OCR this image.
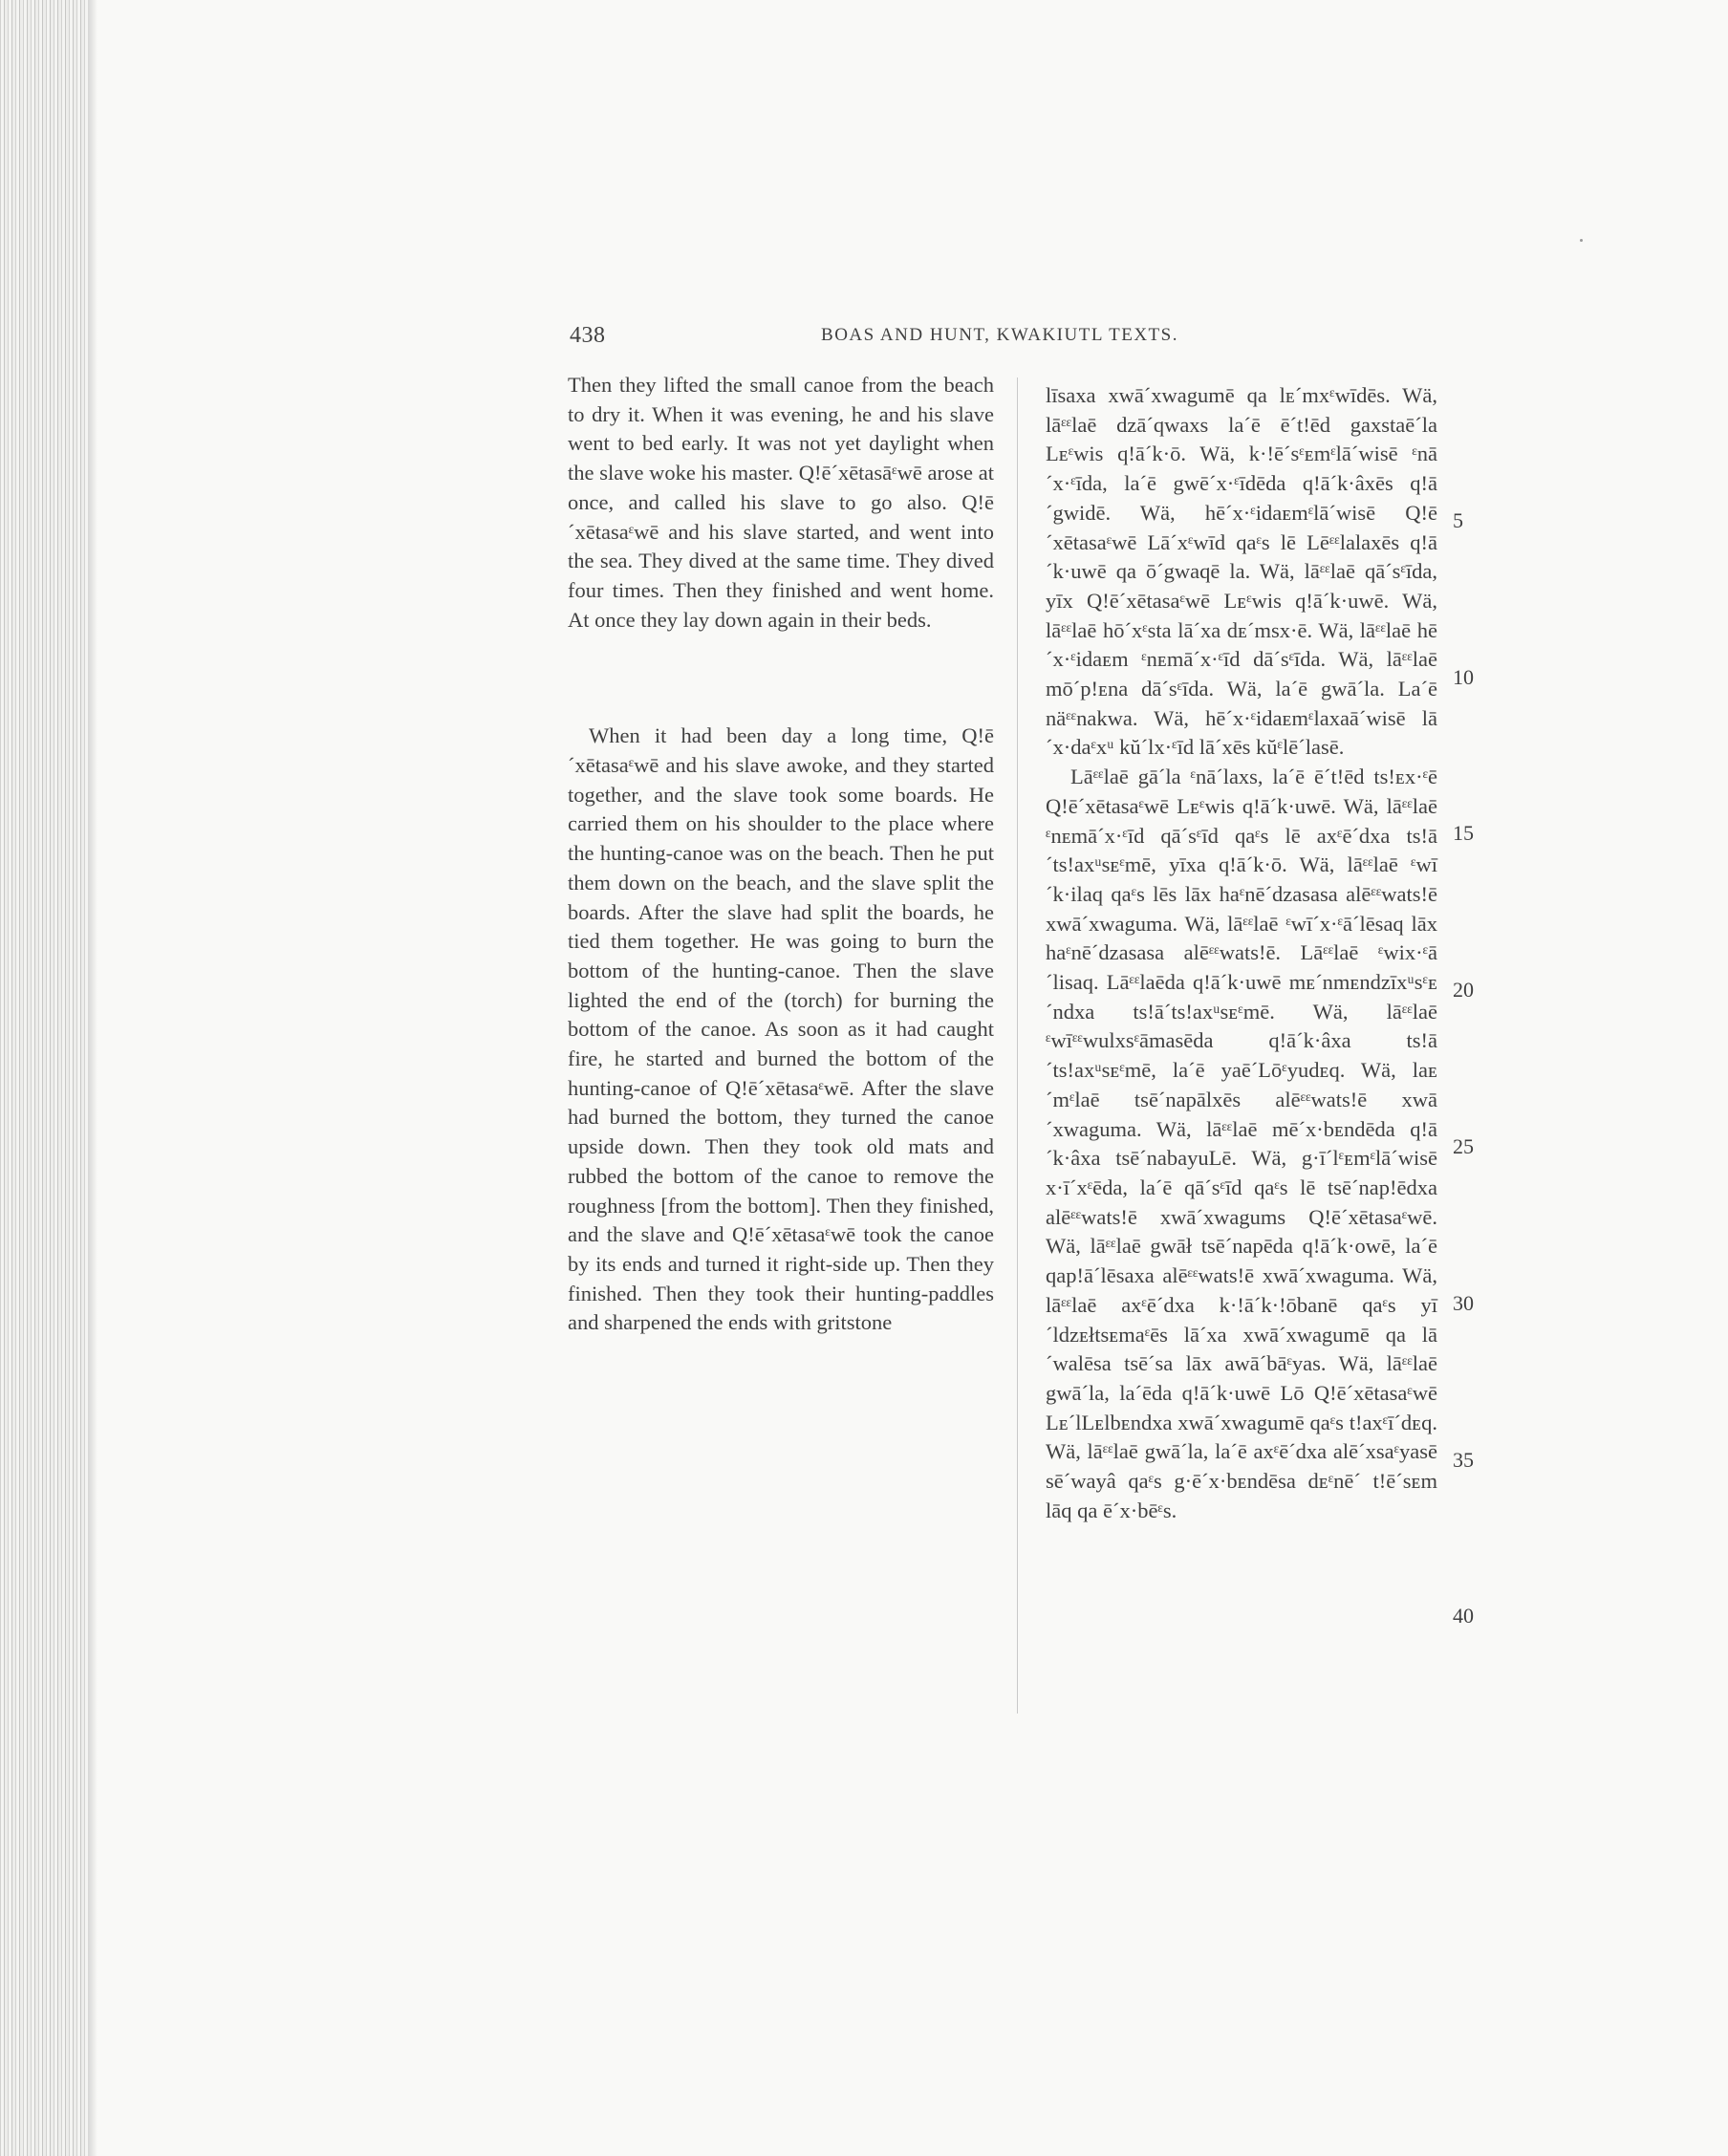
438	BOAS AND HUNT, KWAKIUTL TEXTS.

Then they lifted the small canoe from the beach to dry it. When it was evening, he and his slave went to bed early. It was not yet daylight when the slave woke his master. Q!ē´xētasāᵋwē arose at once, and called his slave to go also. Q!ē´xētasaᵋwē and his slave started, and went into the sea. They dived at the same time. They dived four times. Then they finished and went home. At once they lay down again in their beds.

When it had been day a long time, Q!ē´xētasaᵋwē and his slave awoke, and they started together, and the slave took some boards. He carried them on his shoulder to the place where the hunting-canoe was on the beach. Then he put them down on the beach, and the slave split the boards. After the slave had split the boards, he tied them together. He was going to burn the bottom of the hunting-canoe. Then the slave lighted the end of the (torch) for burning the bottom of the canoe. As soon as it had caught fire, he started and burned the bottom of the hunting-canoe of Q!ē´xētasaᵋwē. After the slave had burned the bottom, they turned the canoe upside down. Then they took old mats and rubbed the bottom of the canoe to remove the roughness [from the bottom]. Then they finished, and the slave and Q!ē´xētasaᵋwē took the canoe by its ends and turned it right-side up. Then they finished. Then they took their hunting-paddles and sharpened the ends with gritstone

līsaxa xwā´xwagumē qa lᴇ´mxᵋwīdēs. Wä, lāᵋᵋlaē dzā´qwaxs la´ē ē´t!ēd gaxstaē´la Lᴇᵋwis q!ā´k·ō. Wä, k·!ē´sᵋᴇmᵋlā´wisē ᵋnā´x·ᵋīda, la´ē gwē´x·ᵋīdēda q!ā´k·âxēs q!ā´gwidē. Wä, hē´x·ᵋidaᴇmᵋlā´wisē Q!ē´xētasaᵋwē Lā´xᵋwīd qaᵋs lē Lēᵋᵋlalaxēs q!ā´k·uwē qa ō´gwaqē la. Wä, lāᵋᵋlaē qā´sᵋīda, yīx Q!ē´xētasaᵋwē Lᴇᵋwis q!ā´k·uwē. Wä, lāᵋᵋlaē hō´xᵋsta lā´xa dᴇ´msx·ē. Wä, lāᵋᵋlaē hē´x·ᵋidaᴇm ᵋnᴇmā´x·ᵋīd dā´sᵋīda. Wä, lāᵋᵋlaē mō´p!ᴇna dā´sᵋīda. Wä, la´ē gwā´la. La´ē näᵋᵋnakwa. Wä, hē´x·ᵋidaᴇmᵋlaxaā´wisē lā´x·daᵋxᵘ kŭ´lx·ᵋīd lā´xēs kŭᵋlē´lasē.

Lāᵋᵋlaē gā´la ᵋnā´laxs, la´ē ē´t!ēd ts!ᴇx·ᵋē Q!ē´xētasaᵋwē Lᴇᵋwis q!ā´k·uwē. Wä, lāᵋᵋlaē ᵋnᴇmā´x·ᵋīd qā´sᵋīd qaᵋs lē axᵋē´dxa ts!ā´ts!axᵘsᴇᵋmē, yīxa q!ā´k·ō. Wä, lāᵋᵋlaē ᵋwī´k·ilaq qaᵋs lēs lāx haᵋnē´dzasasa alēᵋᵋwats!ē xwā´xwaguma. Wä, lāᵋᵋlaē ᵋwī´x·ᵋā´lēsaq lāx haᵋnē´dzasasa alēᵋᵋwats!ē. Lāᵋᵋlaē ᵋwix·ᵋā´lisaq. Lāᵋᵋlaēda q!ā´k·uwē mᴇ´nmᴇndzīxᵘsᵋᴇ´ndxa ts!ā´ts!axᵘsᴇᵋmē. Wä, lāᵋᵋlaē ᵋwīᵋᵋwulxsᵋāmasēda q!ā´k·âxa ts!ā´ts!axᵘsᴇᵋmē, la´ē yaē´Lōᵋyudᴇq. Wä, laᴇ´mᵋlaē tsē´napālxēs alēᵋᵋwats!ē xwā´xwaguma. Wä, lāᵋᵋlaē mē´x·bᴇndēda q!ā´k·âxa tsē´nabayuLē. Wä, g·ī´lᵋᴇmᵋlā´wisē x·ī´xᵋēda, la´ē qā´sᵋīd qaᵋs lē tsē´nap!ēdxa alēᵋᵋwats!ē xwā´xwagums Q!ē´xētasaᵋwē. Wä, lāᵋᵋlaē gwāł tsē´napēda q!ā´k·owē, la´ē qap!ā´lēsaxa alēᵋᵋwats!ē xwā´xwaguma. Wä, lāᵋᵋlaē axᵋē´dxa k·!ā´k·!ōbanē qaᵋs yī´ldzᴇłtsᴇmaᵋēs lā´xa xwā´xwagumē qa lā´walēsa tsē´sa lāx awā´bāᵋyas. Wä, lāᵋᵋlaē gwā´la, la´ēda q!ā´k·uwē Lō Q!ē´xētasaᵋwē Lᴇ´lLᴇlbᴇndxa xwā´xwagumē qaᵋs t!axᵋī´dᴇq. Wä, lāᵋᵋlaē gwā´la, la´ē axᵋē´dxa alē´xsaᵋyasē sē´wayâ qaᵋs g·ē´x·bᴇndēsa dᴇᵋnē´ t!ē´sᴇm lāq qa ē´x·bēᵋs.

5
10
15
20
25
30
35
40
